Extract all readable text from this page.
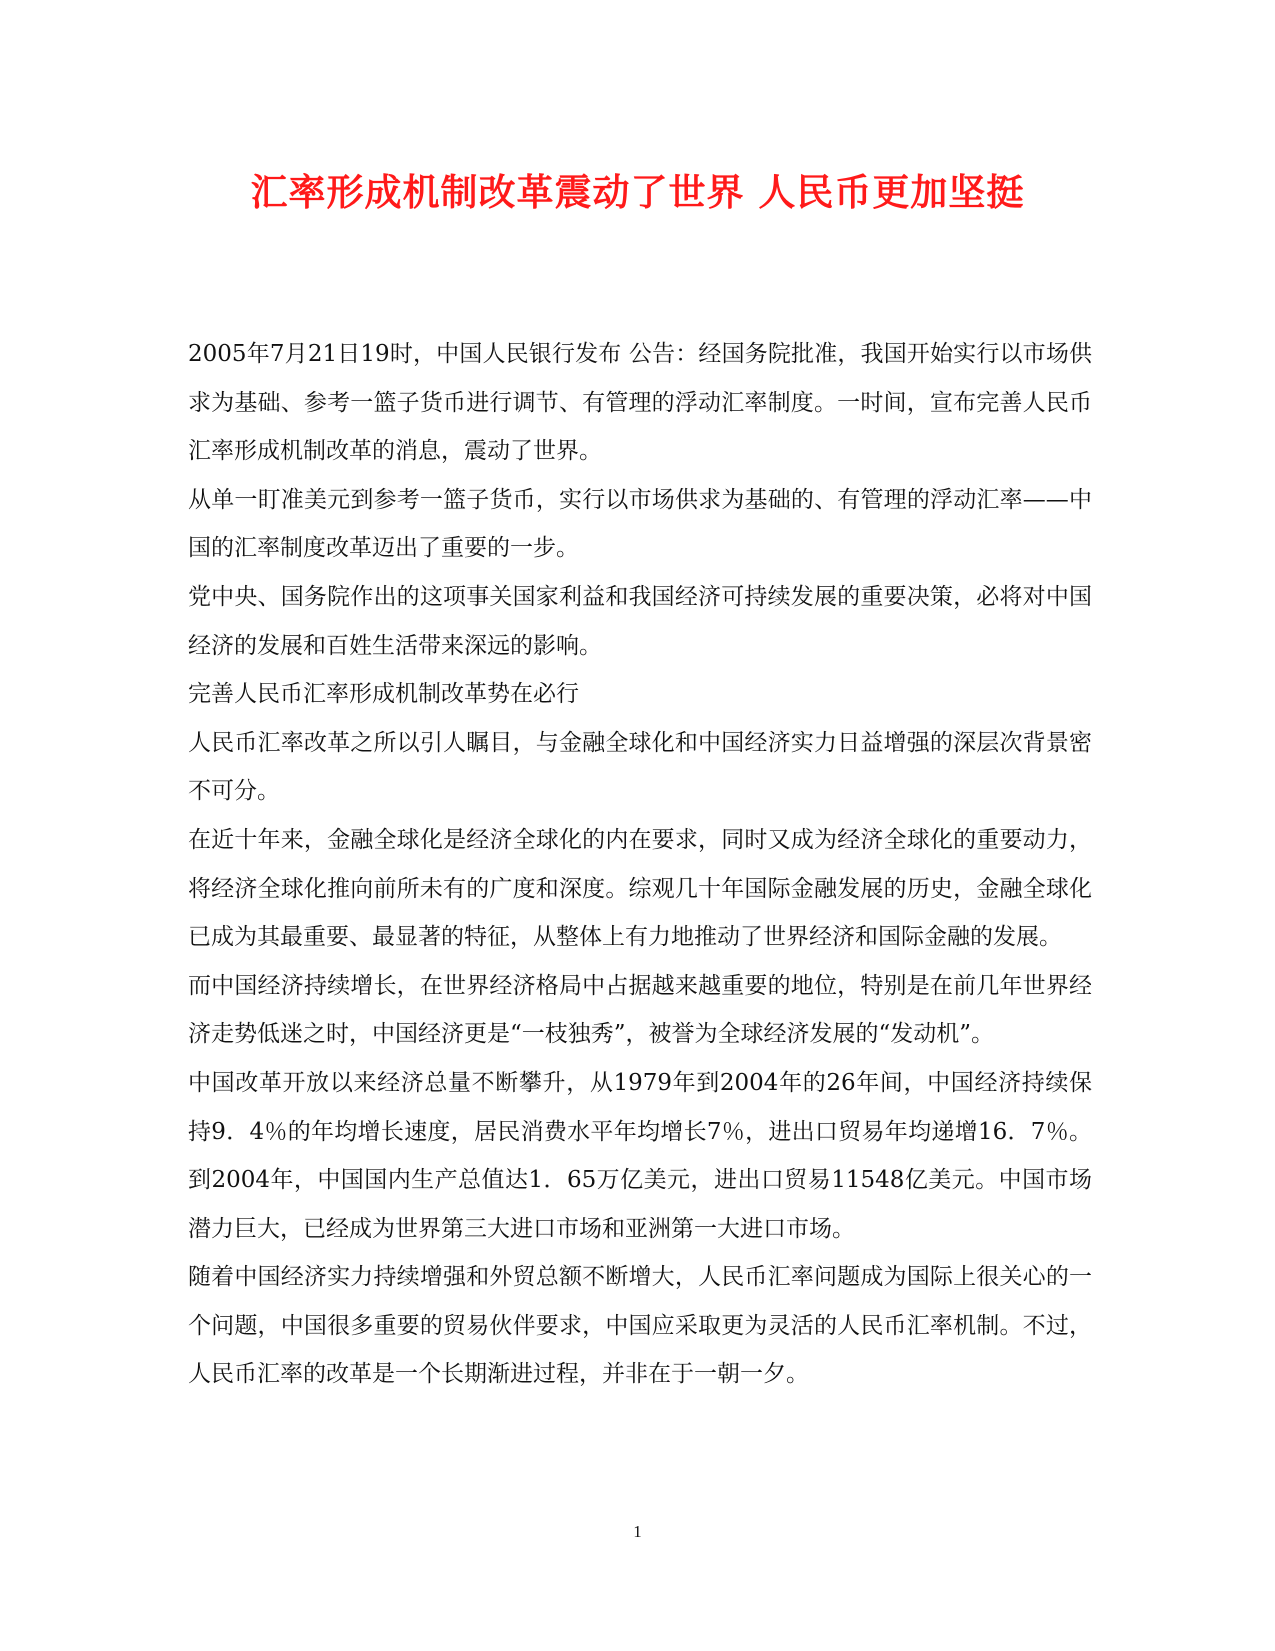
汇率形成机制改革震动了世界 人民币更加坚挺

2005年7月21日19时，中国人民银行发布 公告：经国务院批准，我国开始实行以市场供求为基础、参考一篮子货币进行调节、有管理的浮动汇率制度。一时间，宣布完善人民币汇率形成机制改革的消息，震动了世界。

从单一盯准美元到参考一篮子货币，实行以市场供求为基础的、有管理的浮动汇率——中国的汇率制度改革迈出了重要的一步。

党中央、国务院作出的这项事关国家利益和我国经济可持续发展的重要决策，必将对中国经济的发展和百姓生活带来深远的影响。

完善人民币汇率形成机制改革势在必行

人民币汇率改革之所以引人瞩目，与金融全球化和中国经济实力日益增强的深层次背景密不可分。

在近十年来，金融全球化是经济全球化的内在要求，同时又成为经济全球化的重要动力，将经济全球化推向前所未有的广度和深度。综观几十年国际金融发展的历史，金融全球化已成为其最重要、最显著的特征，从整体上有力地推动了世界经济和国际金融的发展。

而中国经济持续增长，在世界经济格局中占据越来越重要的地位，特别是在前几年世界经济走势低迷之时，中国经济更是“一枝独秀”，被誉为全球经济发展的“发动机”。

中国改革开放以来经济总量不断攀升，从1979年到2004年的26年间，中国经济持续保持9．4％的年均增长速度，居民消费水平年均增长7％，进出口贸易年均递增16．7％。到2004年，中国国内生产总值达1．65万亿美元，进出口贸易11548亿美元。中国市场潜力巨大，已经成为世界第三大进口市场和亚洲第一大进口市场。

随着中国经济实力持续增强和外贸总额不断增大，人民币汇率问题成为国际上很关心的一个问题，中国很多重要的贸易伙伴要求，中国应采取更为灵活的人民币汇率机制。不过，人民币汇率的改革是一个长期渐进过程，并非在于一朝一夕。

1
